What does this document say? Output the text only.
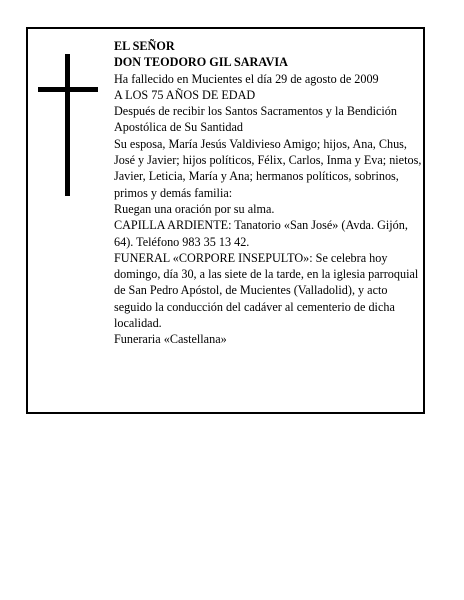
EL SEÑOR
DON TEODORO GIL SARAVIA
Ha fallecido en Mucientes el día 29 de agosto de 2009
A LOS 75 AÑOS DE EDAD
Después de recibir los Santos Sacramentos y la Bendición Apostólica de Su Santidad
Su esposa, María Jesús Valdivieso Amigo; hijos, Ana, Chus, José y Javier; hijos políticos, Félix, Carlos, Inma y Eva; nietos, Javier, Leticia, María y Ana; hermanos políticos, sobrinos, primos y demás familia:
Ruegan una oración por su alma.
CAPILLA ARDIENTE: Tanatorio «San José» (Avda. Gijón, 64). Teléfono 983 35 13 42.
FUNERAL «CORPORE INSEPULTO»: Se celebra hoy domingo, día 30, a las siete de la tarde, en la iglesia parroquial de San Pedro Apóstol, de Mucientes (Valladolid), y acto seguido la conducción del cadáver al cementerio de dicha localidad.
Funeraria «Castellana»
